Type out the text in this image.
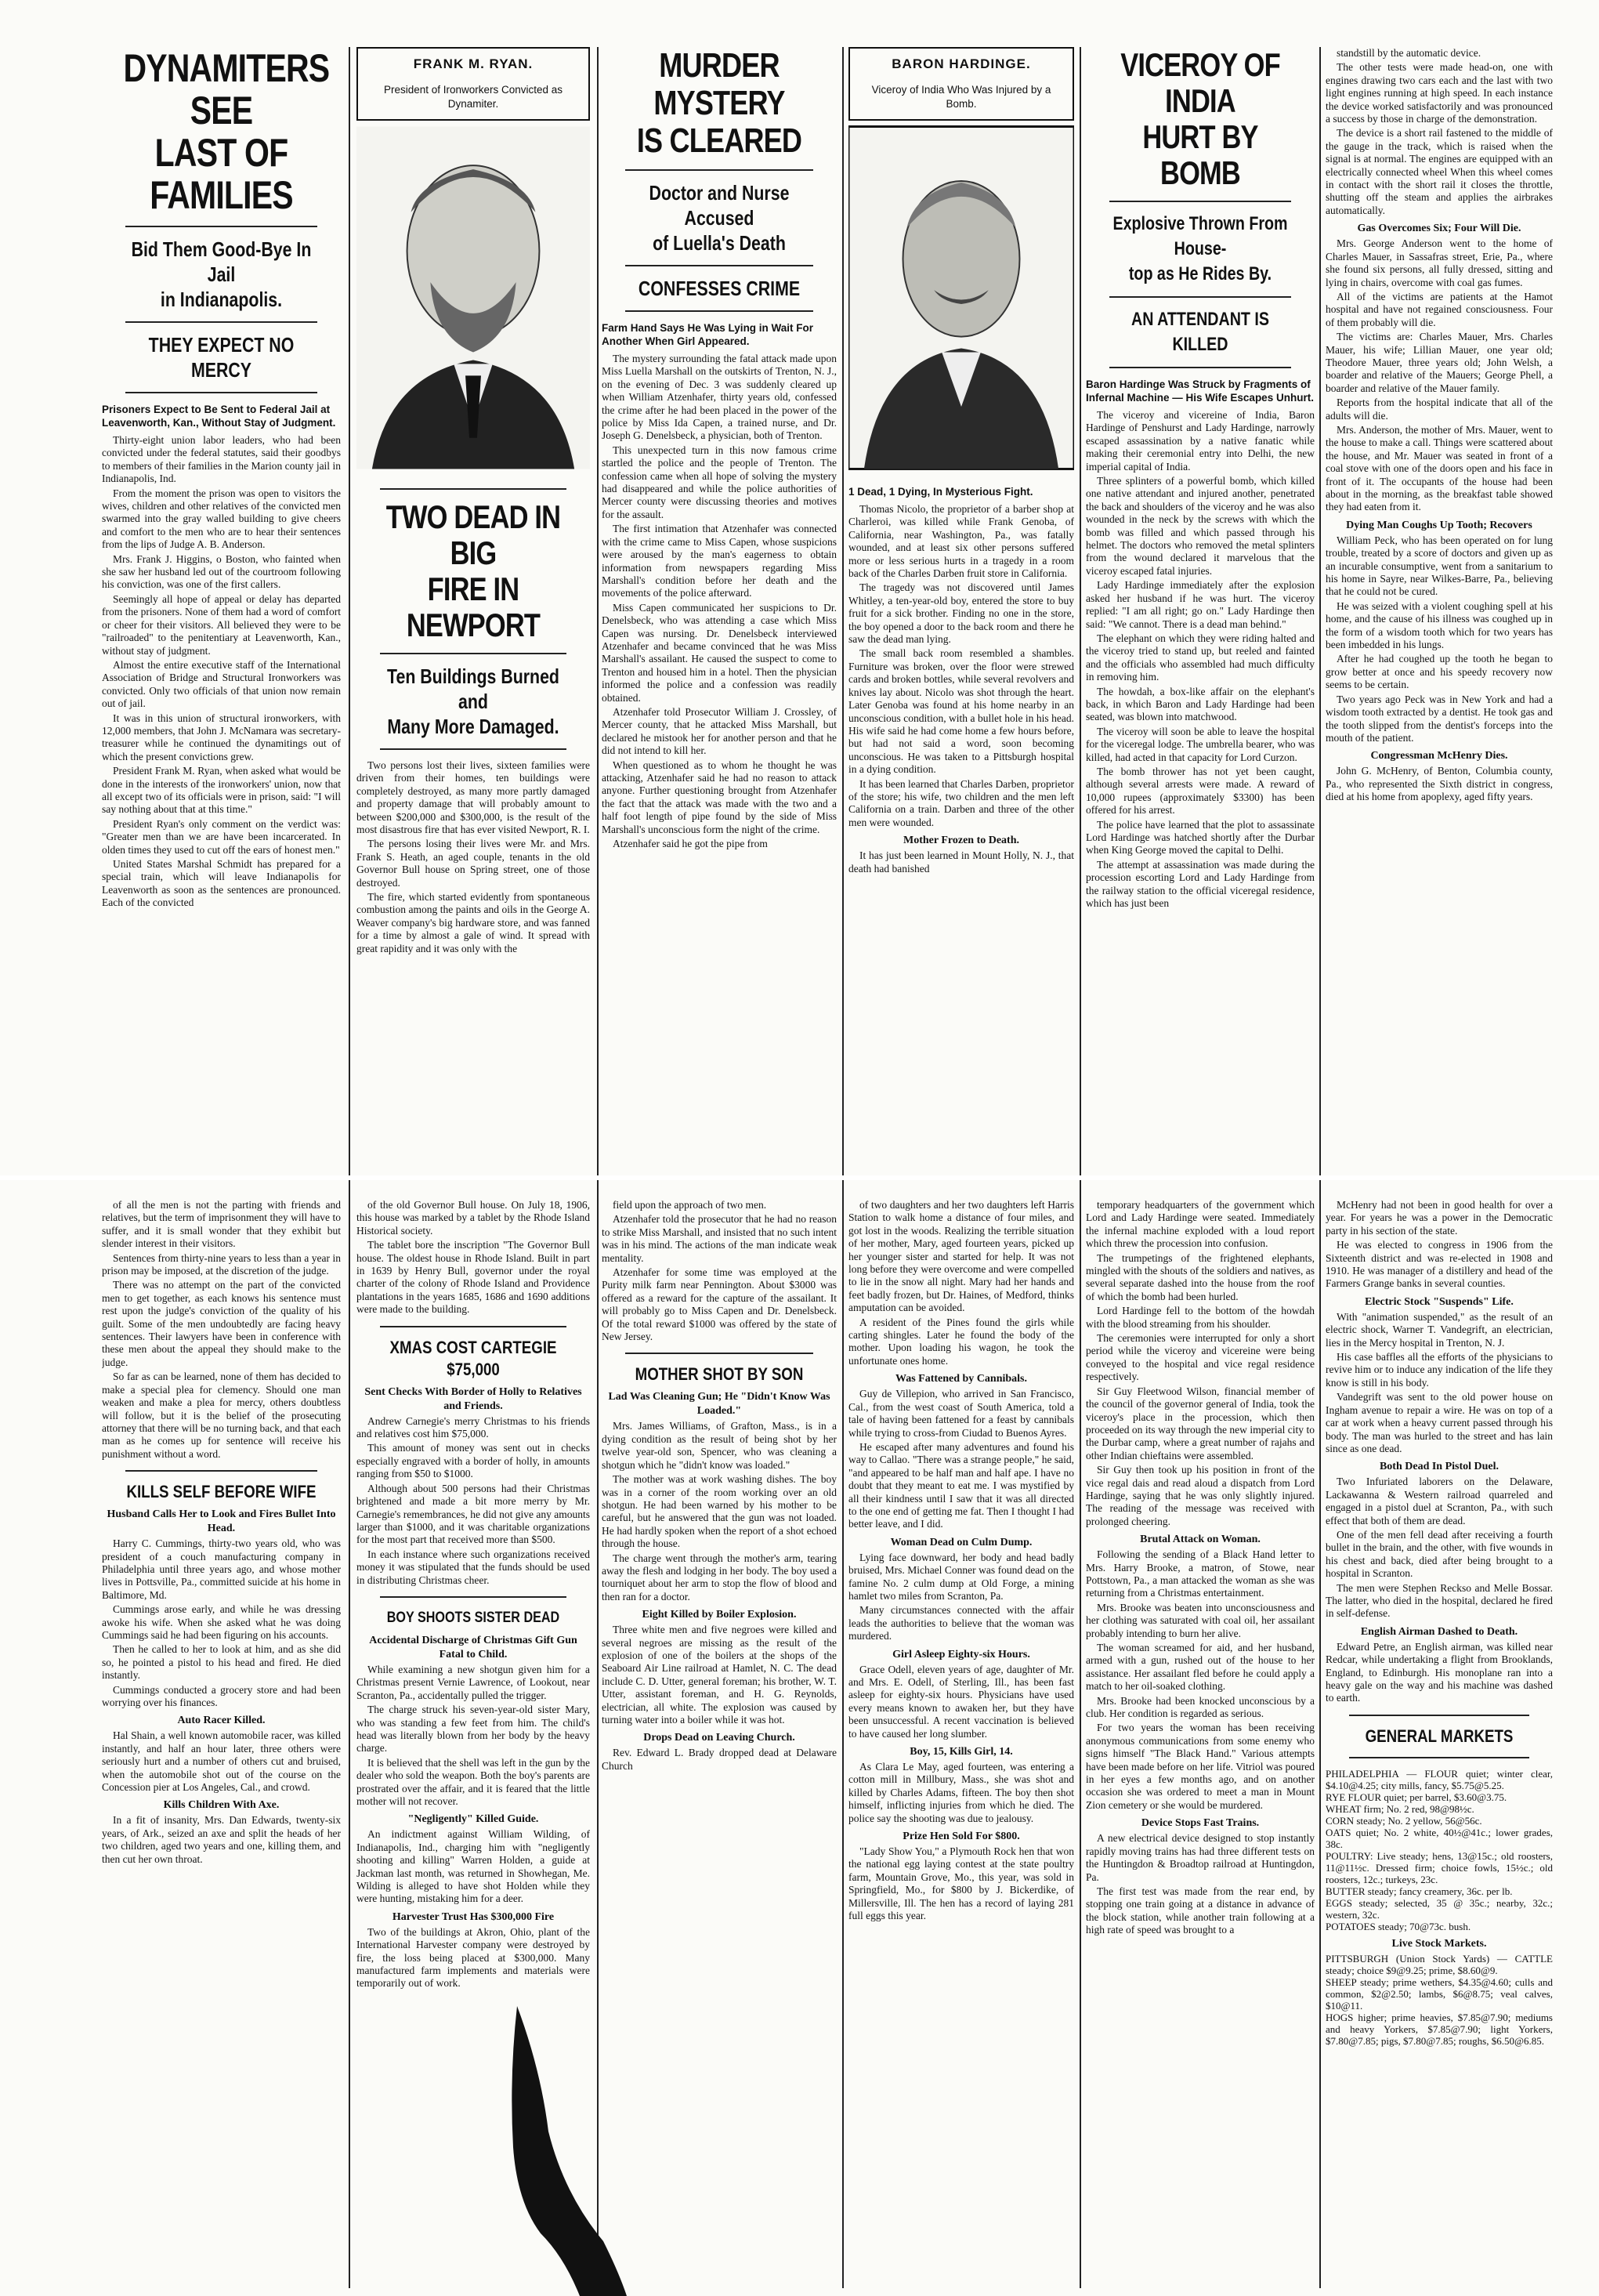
DYNAMITERS SEE
LAST OF FAMILIES
Bid Them Good-Bye In Jail
in Indianapolis.
THEY EXPECT NO MERCY
Prisoners Expect to Be Sent to Federal Jail at Leavenworth, Kan., Without Stay of Judgment.

Thirty-eight union labor leaders, who had been convicted under the federal statutes, said their goodbys to members of their families in the Marion county jail in Indianapolis, Ind.

From the moment the prison was open to visitors the wives, children and other relatives of the convicted men swarmed into the gray walled building to give cheers and comfort to the men who are to hear their sentences from the lips of Judge A. B. Anderson.

Mrs. Frank J. Higgins, o Boston, who fainted when she saw her husband led out of the courtroom following his conviction, was one of the first callers.

Seemingly all hope of appeal or delay has departed from the prisoners. None of them had a word of comfort or cheer for their visitors. All believed they were to be "railroaded" to the penitentiary at Leavenworth, Kan., without stay of judgment.

Almost the entire executive staff of the International Association of Bridge and Structural Ironworkers was convicted. Only two officials of that union now remain out of jail.

It was in this union of structural ironworkers, with 12,000 members, that John J. McNamara was secretary-treasurer while he continued the dynamitings out of which the present convictions grew.

President Frank M. Ryan, when asked what would be done in the interests of the ironworkers' union, now that all except two of its officials were in prison, said: "I will say nothing about that at this time."

President Ryan's only comment on the verdict was: "Greater men than we are have been incarcerated. In olden times they used to cut off the ears of honest men."

United States Marshal Schmidt has prepared for a special train, which will leave Indianapolis for Leavenworth as soon as the sentences are pronounced. Each of the convicted

of all the men is not the parting with friends and relatives, but the term of imprisonment they will have to suffer, and it is small wonder that they exhibit but slender interest in their visitors.

Sentences from thirty-nine years to less than a year in prison may be imposed, at the discretion of the judge.

There was no attempt on the part of the convicted men to get together, as each knows his sentence must rest upon the judge's conviction of the quality of his guilt. Some of the men undoubtedly are facing heavy sentences. Their lawyers have been in conference with these men about the appeal they should make to the judge.

So far as can be learned, none of them has decided to make a special plea for clemency. Should one man weaken and make a plea for mercy, others doubtless will follow, but it is the belief of the prosecuting attorney that there will be no turning back, and that each man as he comes up for sentence will receive his punishment without a word.

KILLS SELF BEFORE WIFE
Husband Calls Her to Look and Fires Bullet Into Head.

Harry C. Cummings, thirty-two years old, who was president of a couch manufacturing company in Philadelphia until three years ago, and whose mother lives in Pottsville, Pa., committed suicide at his home in Baltimore, Md.

Cummings arose early, and while he was dressing awoke his wife. When she asked what he was doing Cummings said he had been figuring on his accounts.

Then he called to her to look at him, and as she did so, he pointed a pistol to his head and fired. He died instantly.

Cummings conducted a grocery store and had been worrying over his finances.

Auto Racer Killed.

Hal Shain, a well known automobile racer, was killed instantly, and half an hour later, three others were seriously hurt and a number of others cut and bruised, when the automobile shot out of the course on the Concession pier at Los Angeles, Cal., and crowd.

Kills Children With Axe.

In a fit of insanity, Mrs. Dan Edwards, twenty-six years, of Ark., seized an axe and split the heads of her two children, aged two years and one, killing them, and then cut her own throat.

FRANK M. RYAN.
President of Ironworkers Convicted as Dynamiter.
TWO DEAD IN BIG
FIRE IN NEWPORT
Ten Buildings Burned and
Many More Damaged.

Two persons lost their lives, sixteen families were driven from their homes, ten buildings were completely destroyed, as many more partly damaged and property damage that will probably amount to between $200,000 and $300,000, is the result of the most disastrous fire that has ever visited Newport, R. I.

The persons losing their lives were Mr. and Mrs. Frank S. Heath, an aged couple, tenants in the old Governor Bull house on Spring street, one of those destroyed.

The fire, which started evidently from spontaneous combustion among the paints and oils in the George A. Weaver company's big hardware store, and was fanned for a time by almost a gale of wind. It spread with great rapidity and it was only with the

of the old Governor Bull house. On July 18, 1906, this house was marked by a tablet by the Rhode Island Historical society.

The tablet bore the inscription "The Governor Bull house. The oldest house in Rhode Island. Built in part in 1639 by Henry Bull, governor under the royal charter of the colony of Rhode Island and Providence plantations in the years 1685, 1686 and 1690 additions were made to the building.

XMAS COST CARTEGIE $75,000
Sent Checks With Border of Holly to Relatives and Friends.

Andrew Carnegie's merry Christmas to his friends and relatives cost him $75,000.

This amount of money was sent out in checks especially engraved with a border of holly, in amounts ranging from $50 to $1000.

Although about 500 persons had their Christmas brightened and made a bit more merry by Mr. Carnegie's remembrances, he did not give any amounts larger than $1000, and it was charitable organizations for the most part that received more than $500.

In each instance where such organizations received money it was stipulated that the funds should be used in distributing Christmas cheer.

BOY SHOOTS SISTER DEAD
Accidental Discharge of Christmas Gift Gun Fatal to Child.

While examining a new shotgun given him for a Christmas present Vernie Lawrence, of Lookout, near Scranton, Pa., accidentally pulled the trigger.

The charge struck his seven-year-old sister Mary, who was standing a few feet from him. The child's head was literally blown from her body by the heavy charge.

It is believed that the shell was left in the gun by the dealer who sold the weapon. Both the boy's parents are prostrated over the affair, and it is feared that the little mother will not recover.

"Negligently" Killed Guide.

An indictment against William Wilding, of Indianapolis, Ind., charging him with "negligently shooting and killing" Warren Holden, a guide at Jackman last month, was returned in Showhegan, Me. Wilding is alleged to have shot Holden while they were hunting, mistaking him for a deer.

Harvester Trust Has $300,000 Fire

Two of the buildings at Akron, Ohio, plant of the International Harvester company were destroyed by fire, the loss being placed at $300,000. Many manufactured farm implements and materials were temporarily out of work.

MURDER MYSTERY
IS CLEARED
Doctor and Nurse Accused
of Luella's Death
CONFESSES CRIME
Farm Hand Says He Was Lying in Wait For Another When Girl Appeared.

The mystery surrounding the fatal attack made upon Miss Luella Marshall on the outskirts of Trenton, N. J., on the evening of Dec. 3 was suddenly cleared up when William Atzenhafer, thirty years old, confessed the crime after he had been placed in the power of the police by Miss Ida Capen, a trained nurse, and Dr. Joseph G. Denelsbeck, a physician, both of Trenton.

This unexpected turn in this now famous crime startled the police and the people of Trenton. The confession came when all hope of solving the mystery had disappeared and while the police authorities of Mercer county were discussing theories and motives for the assault.

The first intimation that Atzenhafer was connected with the crime came to Miss Capen, whose suspicions were aroused by the man's eagerness to obtain information from newspapers regarding Miss Marshall's condition before her death and the movements of the police afterward.

Miss Capen communicated her suspicions to Dr. Denelsbeck, who was attending a case which Miss Capen was nursing. Dr. Denelsbeck interviewed Atzenhafer and became convinced that he was Miss Marshall's assailant. He caused the suspect to come to Trenton and housed him in a hotel. Then the physician informed the police and a confession was readily obtained.

Atzenhafer told Prosecutor William J. Crossley, of Mercer county, that he attacked Miss Marshall, but declared he mistook her for another person and that he did not intend to kill her.

When questioned as to whom he thought he was attacking, Atzenhafer said he had no reason to attack anyone. Further questioning brought from Atzenhafer the fact that the attack was made with the two and a half foot length of pipe found by the side of Miss Marshall's unconscious form the night of the crime.

Atzenhafer said he got the pipe from

field upon the approach of two men.

Atzenhafer told the prosecutor that he had no reason to strike Miss Marshall, and insisted that no such intent was in his mind. The actions of the man indicate weak mentality.

Atzenhafer for some time was employed at the Purity milk farm near Pennington. About $3000 was offered as a reward for the capture of the assailant. It will probably go to Miss Capen and Dr. Denelsbeck. Of the total reward $1000 was offered by the state of New Jersey.

MOTHER SHOT BY SON
Lad Was Cleaning Gun; He "Didn't Know Was Loaded."

Mrs. James Williams, of Grafton, Mass., is in a dying condition as the result of being shot by her twelve year-old son, Spencer, who was cleaning a shotgun which he "didn't know was loaded."

The mother was at work washing dishes. The boy was in a corner of the room working over an old shotgun. He had been warned by his mother to be careful, but he answered that the gun was not loaded. He had hardly spoken when the report of a shot echoed through the house.

The charge went through the mother's arm, tearing away the flesh and lodging in her body. The boy used a tourniquet about her arm to stop the flow of blood and then ran for a doctor.

Eight Killed by Boiler Explosion.

Three white men and five negroes were killed and several negroes are missing as the result of the explosion of one of the boilers at the shops of the Seaboard Air Line railroad at Hamlet, N. C. The dead include C. D. Utter, general foreman; his brother, W. T. Utter, assistant foreman, and H. G. Reynolds, electrician, all white. The explosion was caused by turning water into a boiler while it was hot.

Drops Dead on Leaving Church.

Rev. Edward L. Brady dropped dead at Delaware Church

BARON HARDINGE.
Viceroy of India Who Was Injured by a Bomb.
1 Dead, 1 Dying, In Mysterious Fight.

Thomas Nicolo, the proprietor of a barber shop at Charleroi, was killed while Frank Genoba, of California, near Washington, Pa., was fatally wounded, and at least six other persons suffered more or less serious hurts in a tragedy in a room back of the Charles Darben fruit store in California.

The tragedy was not discovered until James Whitley, a ten-year-old boy, entered the store to buy fruit for a sick brother. Finding no one in the store, the boy opened a door to the back room and there he saw the dead man lying.

The small back room resembled a shambles. Furniture was broken, over the floor were strewed cards and broken bottles, while several revolvers and knives lay about. Nicolo was shot through the heart. Later Genoba was found at his home nearby in an unconscious condition, with a bullet hole in his head. His wife said he had come home a few hours before, but had not said a word, soon becoming unconscious. He was taken to a Pittsburgh hospital in a dying condition.

It has been learned that Charles Darben, proprietor of the store; his wife, two children and the men left California on a train. Darben and three of the other men were wounded.

Mother Frozen to Death.

It has just been learned in Mount Holly, N. J., that death had banished

of two daughters and her two daughters left Harris Station to walk home a distance of four miles, and got lost in the woods. Realizing the terrible situation of her mother, Mary, aged fourteen years, picked up her younger sister and started for help. It was not long before they were overcome and were compelled to lie in the snow all night. Mary had her hands and feet badly frozen, but Dr. Haines, of Medford, thinks amputation can be avoided.

A resident of the Pines found the girls while carting shingles. Later he found the body of the mother. Upon loading his wagon, he took the unfortunate ones home.

Was Fattened by Cannibals.

Guy de Villepion, who arrived in San Francisco, Cal., from the west coast of South America, told a tale of having been fattened for a feast by cannibals while trying to cross-from Ciudad to Buenos Ayres.

He escaped after many adventures and found his way to Callao. "There was a strange people," he said, "and appeared to be half man and half ape. I have no doubt that they meant to eat me. I was mystified by all their kindness until I saw that it was all directed to the one end of getting me fat. Then I thought I had better leave, and I did.

Woman Dead on Culm Dump.

Lying face downward, her body and head badly bruised, Mrs. Michael Conner was found dead on the famine No. 2 culm dump at Old Forge, a mining hamlet two miles from Scranton, Pa.

Many circumstances connected with the affair leads the authorities to believe that the woman was murdered.

Girl Asleep Eighty-six Hours.

Grace Odell, eleven years of age, daughter of Mr. and Mrs. E. Odell, of Sterling, Ill., has been fast asleep for eighty-six hours. Physicians have used every means known to awaken her, but they have been unsuccessful. A recent vaccination is believed to have caused her long slumber.

Boy, 15, Kills Girl, 14.

As Clara Le May, aged fourteen, was entering a cotton mill in Millbury, Mass., she was shot and killed by Charles Adams, fifteen. The boy then shot himself, inflicting injuries from which he died. The police say the shooting was due to jealousy.

Prize Hen Sold For $800.

"Lady Show You," a Plymouth Rock hen that won the national egg laying contest at the state poultry farm, Mountain Grove, Mo., this year, was sold in Springfield, Mo., for $800 by J. Bickerdike, of Millersville, Ill. The hen has a record of laying 281 full eggs this year.

VICEROY OF INDIA
HURT BY BOMB
Explosive Thrown From House-
top as He Rides By.
AN ATTENDANT IS KILLED
Baron Hardinge Was Struck by Fragments of Infernal Machine — His Wife Escapes Unhurt.

The viceroy and vicereine of India, Baron Hardinge of Penshurst and Lady Hardinge, narrowly escaped assassination by a native fanatic while making their ceremonial entry into Delhi, the new imperial capital of India.

Three splinters of a powerful bomb, which killed one native attendant and injured another, penetrated the back and shoulders of the viceroy and he was also wounded in the neck by the screws with which the bomb was filled and which passed through his helmet. The doctors who removed the metal splinters from the wound declared it marvelous that the viceroy escaped fatal injuries.

Lady Hardinge immediately after the explosion asked her husband if he was hurt. The viceroy replied: "I am all right; go on." Lady Hardinge then said: "We cannot. There is a dead man behind."

The elephant on which they were riding halted and the viceroy tried to stand up, but reeled and fainted and the officials who assembled had much difficulty in removing him.

The howdah, a box-like affair on the elephant's back, in which Baron and Lady Hardinge had been seated, was blown into matchwood.

The viceroy will soon be able to leave the hospital for the viceregal lodge. The umbrella bearer, who was killed, had acted in that capacity for Lord Curzon.

The bomb thrower has not yet been caught, although several arrests were made. A reward of 10,000 rupees (approximately $3300) has been offered for his arrest.

The police have learned that the plot to assassinate Lord Hardinge was hatched shortly after the Durbar when King George moved the capital to Delhi.

The attempt at assassination was made during the procession escorting Lord and Lady Hardinge from the railway station to the official viceregal residence, which has just been

temporary headquarters of the government which Lord and Lady Hardinge were seated. Immediately the infernal machine exploded with a loud report which threw the procession into confusion.

The trumpetings of the frightened elephants, mingled with the shouts of the soldiers and natives, as several separate dashed into the house from the roof of which the bomb had been hurled.

Lord Hardinge fell to the bottom of the howdah with the blood streaming from his shoulder.

The ceremonies were interrupted for only a short period while the viceroy and vicereine were being conveyed to the hospital and vice regal residence respectively.

Sir Guy Fleetwood Wilson, financial member of the council of the governor general of India, took the viceroy's place in the procession, which then proceeded on its way through the new imperial city to the Durbar camp, where a great number of rajahs and other Indian chieftains were assembled.

Sir Guy then took up his position in front of the vice regal dais and read aloud a dispatch from Lord Hardinge, saying that he was only slightly injured. The reading of the message was received with prolonged cheering.

Brutal Attack on Woman.

Following the sending of a Black Hand letter to Mrs. Harry Brooke, a matron, of Stowe, near Pottstown, Pa., a man attacked the woman as she was returning from a Christmas entertainment.

Mrs. Brooke was beaten into unconsciousness and her clothing was saturated with coal oil, her assailant probably intending to burn her alive.

The woman screamed for aid, and her husband, armed with a gun, rushed out of the house to her assistance. Her assailant fled before he could apply a match to her oil-soaked clothing.

Mrs. Brooke had been knocked unconscious by a club. Her condition is regarded as serious.

For two years the woman has been receiving anonymous communications from some enemy who signs himself "The Black Hand." Various attempts have been made before on her life. Vitriol was poured in her eyes a few months ago, and on another occasion she was ordered to meet a man in Mount Zion cemetery or she would be murdered.

Device Stops Fast Trains.

A new electrical device designed to stop instantly rapidly moving trains has had three different tests on the Huntingdon & Broadtop railroad at Huntingdon, Pa.

The first test was made from the rear end, by stopping one train going at a distance in advance of the block station, while another train following at a high rate of speed was brought to a

standstill by the automatic device.

The other tests were made head-on, one with engines drawing two cars each and the last with two light engines running at high speed. In each instance the device worked satisfactorily and was pronounced a success by those in charge of the demonstration.

The device is a short rail fastened to the middle of the gauge in the track, which is raised when the signal is at normal. The engines are equipped with an electrically connected wheel When this wheel comes in contact with the short rail it closes the throttle, shutting off the steam and applies the airbrakes automatically.

Gas Overcomes Six; Four Will Die.

Mrs. George Anderson went to the home of Charles Mauer, in Sassafras street, Erie, Pa., where she found six persons, all fully dressed, sitting and lying in chairs, overcome with coal gas fumes.

All of the victims are patients at the Hamot hospital and have not regained consciousness. Four of them probably will die.

The victims are: Charles Mauer, Mrs. Charles Mauer, his wife; Lillian Mauer, one year old; Theodore Mauer, three years old; John Welsh, a boarder and relative of the Mauers; George Phell, a boarder and relative of the Mauer family.

Reports from the hospital indicate that all of the adults will die.

Mrs. Anderson, the mother of Mrs. Mauer, went to the house to make a call. Things were scattered about the house, and Mr. Mauer was seated in front of a coal stove with one of the doors open and his face in front of it. The occupants of the house had been about in the morning, as the breakfast table showed they had eaten from it.

Dying Man Coughs Up Tooth; Recovers

William Peck, who has been operated on for lung trouble, treated by a score of doctors and given up as an incurable consumptive, went from a sanitarium to his home in Sayre, near Wilkes-Barre, Pa., believing that he could not be cured.

He was seized with a violent coughing spell at his home, and the cause of his illness was coughed up in the form of a wisdom tooth which for two years has been imbedded in his lungs.

After he had coughed up the tooth he began to grow better at once and his speedy recovery now seems to be certain.

Two years ago Peck was in New York and had a wisdom tooth extracted by a dentist. He took gas and the tooth slipped from the dentist's forceps into the mouth of the patient.

Congressman McHenry Dies.

John G. McHenry, of Benton, Columbia county, Pa., who represented the Sixth district in congress, died at his home from apoplexy, aged fifty years.

McHenry had not been in good health for over a year. For years he was a power in the Democratic party in his section of the state.

He was elected to congress in 1906 from the Sixteenth district and was re-elected in 1908 and 1910. He was manager of a distillery and head of the Farmers Grange banks in several counties.

Electric Stock "Suspends" Life.

With "animation suspended," as the result of an electric shock, Warner T. Vandegrift, an electrician, lies in the Mercy hospital in Trenton, N. J.

His case baffles all the efforts of the physicians to revive him or to induce any indication of the life they know is still in his body.

Vandegrift was sent to the old power house on Ingham avenue to repair a wire. He was on top of a car at work when a heavy current passed through his body. The man was hurled to the street and has lain since as one dead.

Both Dead In Pistol Duel.

Two Infuriated laborers on the Delaware, Lackawanna & Western railroad quarreled and engaged in a pistol duel at Scranton, Pa., with such effect that both of them are dead.

One of the men fell dead after receiving a fourth bullet in the brain, and the other, with five wounds in his chest and back, died after being brought to a hospital in Scranton.

The men were Stephen Reckso and Melle Bossar. The latter, who died in the hospital, declared he fired in self-defense.

English Airman Dashed to Death.

Edward Petre, an English airman, was killed near Redcar, while undertaking a flight from Brooklands, England, to Edinburgh. His monoplane ran into a heavy gale on the way and his machine was dashed to earth.

GENERAL MARKETS

PHILADELPHIA — FLOUR quiet; winter clear, $4.10@4.25; city mills, fancy, $5.75@5.25.

RYE FLOUR quiet; per barrel, $3.60@3.75.

WHEAT firm; No. 2 red, 98@98½c.

CORN steady; No. 2 yellow, 56@56c.

OATS quiet; No. 2 white, 40½@41c.; lower grades, 38c.

POULTRY: Live steady; hens, 13@15c.; old roosters, 11@11½c. Dressed firm; choice fowls, 15½c.; old roosters, 12c.; turkeys, 23c.

BUTTER steady; fancy creamery, 36c. per lb.

EGGS steady; selected, 35 @ 35c.; nearby, 32c.; western, 32c.

POTATOES steady; 70@73c. bush.

Live Stock Markets.

PITTSBURGH (Union Stock Yards) — CATTLE steady; choice $9@9.25; prime, $8.60@9.

SHEEP steady; prime wethers, $4.35@4.60; culls and common, $2@2.50; lambs, $6@8.75; veal calves, $10@11.

HOGS higher; prime heavies, $7.85@7.90; mediums and heavy Yorkers, $7.85@7.90; light Yorkers, $7.80@7.85; pigs, $7.80@7.85; roughs, $6.50@6.85.
